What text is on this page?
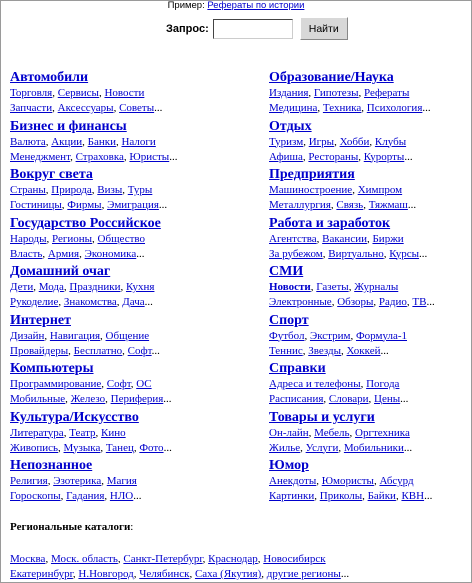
Пример: Рефераты по истории
Запрос:	Найти
Автомобили
Торговля, Сервисы, Новости
Запчасти, Аксессуары, Советы...
Бизнес и финансы
Валюта, Акции, Банки, Налоги
Менеджмент, Страховка, Юристы...
Вокруг света
Страны, Природа, Визы, Туры
Гостиницы, Фирмы, Эмиграция...
Государство Российское
Народы, Регионы, Общество
Власть, Армия, Экономика...
Домашний очаг
Дети, Мода, Праздники, Кухня
Рукоделие, Знакомства, Дача...
Интернет
Дизайн, Навигация, Общение
Провайдеры, Бесплатно, Софт...
Компьютеры
Программирование, Софт, ОС
Мобильные, Железо, Периферия...
Культура/Искусство
Литература, Театр, Кино
Живопись, Музыка, Танец, Фото...
Непознанное
Религия, Эзотерика, Магия
Гороскопы, Гадания, НЛО...
Образование/Наука
Издания, Гипотезы, Рефераты
Медицина, Техника, Психология...
Отдых
Туризм, Игры, Хобби, Клубы
Афиша, Рестораны, Курорты...
Предприятия
Машиностроение, Химпром
Металлургия, Связь, Тяжмаш...
Работа и заработок
Агентства, Вакансии, Биржи
За рубежом, Виртуально, Курсы...
СМИ
Новости, Газеты, Журналы
Электронные, Обзоры, Радио, ТВ...
Спорт
Футбол, Экстрим, Формула-1
Теннис, Звезды, Хоккей...
Справки
Адреса и телефоны, Погода
Расписания, Словари, Цены...
Товары и услуги
Он-лайн, Мебель, Оргтехника
Жилье, Услуги, Мобильники...
Юмор
Анекдоты, Юмористы, Абсурд
Картинки, Приколы, Байки, КВН...
Региональные каталоги:
Москва, Моск. область, Санкт-Петербург, Краснодар, Новосибирск
Екатеринбург, Н.Новгород, Челябинск, Саха (Якутия), другие регионы...
